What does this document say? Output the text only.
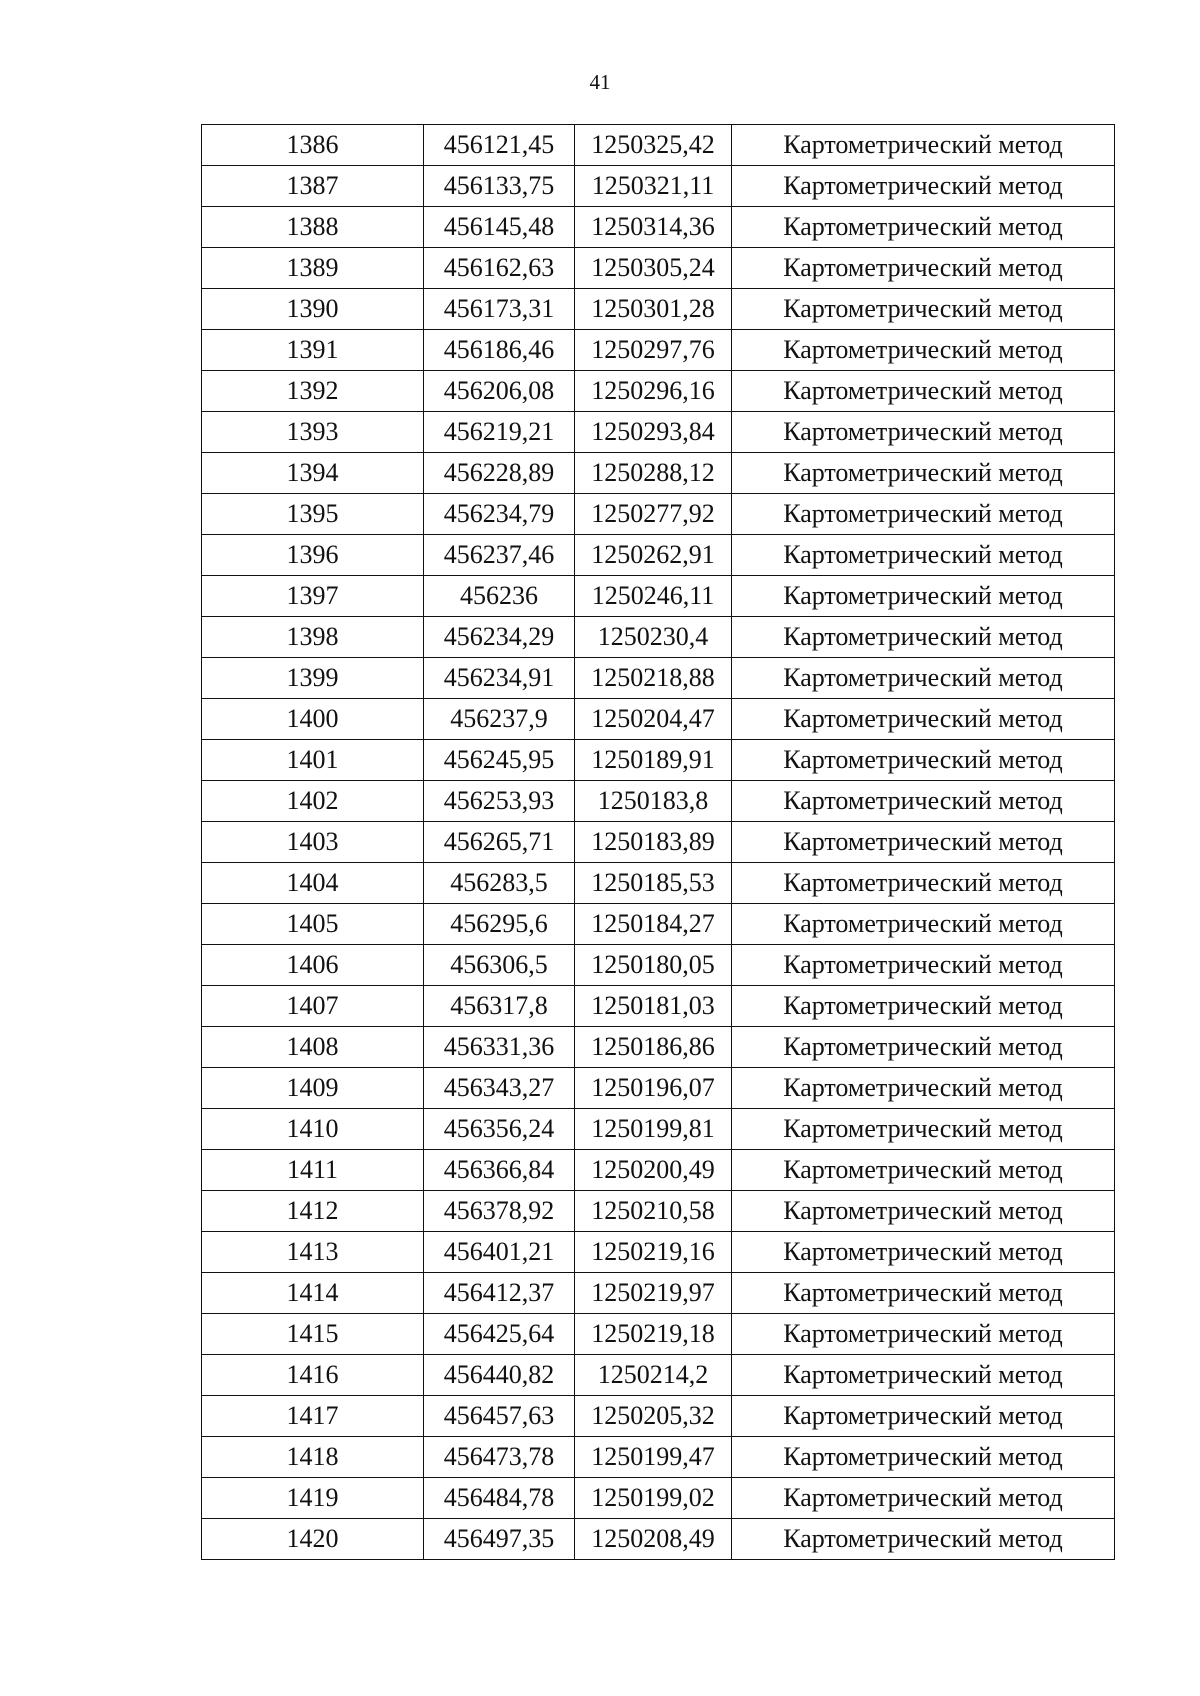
41
1386	456121,45	1250325,42	Картометрический метод
1387	456133,75	1250321,11	Картометрический метод
1388	456145,48	1250314,36	Картометрический метод
1389	456162,63	1250305,24	Картометрический метод
1390	456173,31	1250301,28	Картометрический метод
1391	456186,46	1250297,76	Картометрический метод
1392	456206,08	1250296,16	Картометрический метод
1393	456219,21	1250293,84	Картометрический метод
1394	456228,89	1250288,12	Картометрический метод
1395	456234,79	1250277,92	Картометрический метод
1396	456237,46	1250262,91	Картометрический метод
1397	456236	1250246,11	Картометрический метод
1398	456234,29	1250230,4	Картометрический метод
1399	456234,91	1250218,88	Картометрический метод
1400	456237,9	1250204,47	Картометрический метод
1401	456245,95	1250189,91	Картометрический метод
1402	456253,93	1250183,8	Картометрический метод
1403	456265,71	1250183,89	Картометрический метод
1404	456283,5	1250185,53	Картометрический метод
1405	456295,6	1250184,27	Картометрический метод
1406	456306,5	1250180,05	Картометрический метод
1407	456317,8	1250181,03	Картометрический метод
1408	456331,36	1250186,86	Картометрический метод
1409	456343,27	1250196,07	Картометрический метод
1410	456356,24	1250199,81	Картометрический метод
1411	456366,84	1250200,49	Картометрический метод
1412	456378,92	1250210,58	Картометрический метод
1413	456401,21	1250219,16	Картометрический метод
1414	456412,37	1250219,97	Картометрический метод
1415	456425,64	1250219,18	Картометрический метод
1416	456440,82	1250214,2	Картометрический метод
1417	456457,63	1250205,32	Картометрический метод
1418	456473,78	1250199,47	Картометрический метод
1419	456484,78	1250199,02	Картометрический метод
1420	456497,35	1250208,49	Картометрический метод
